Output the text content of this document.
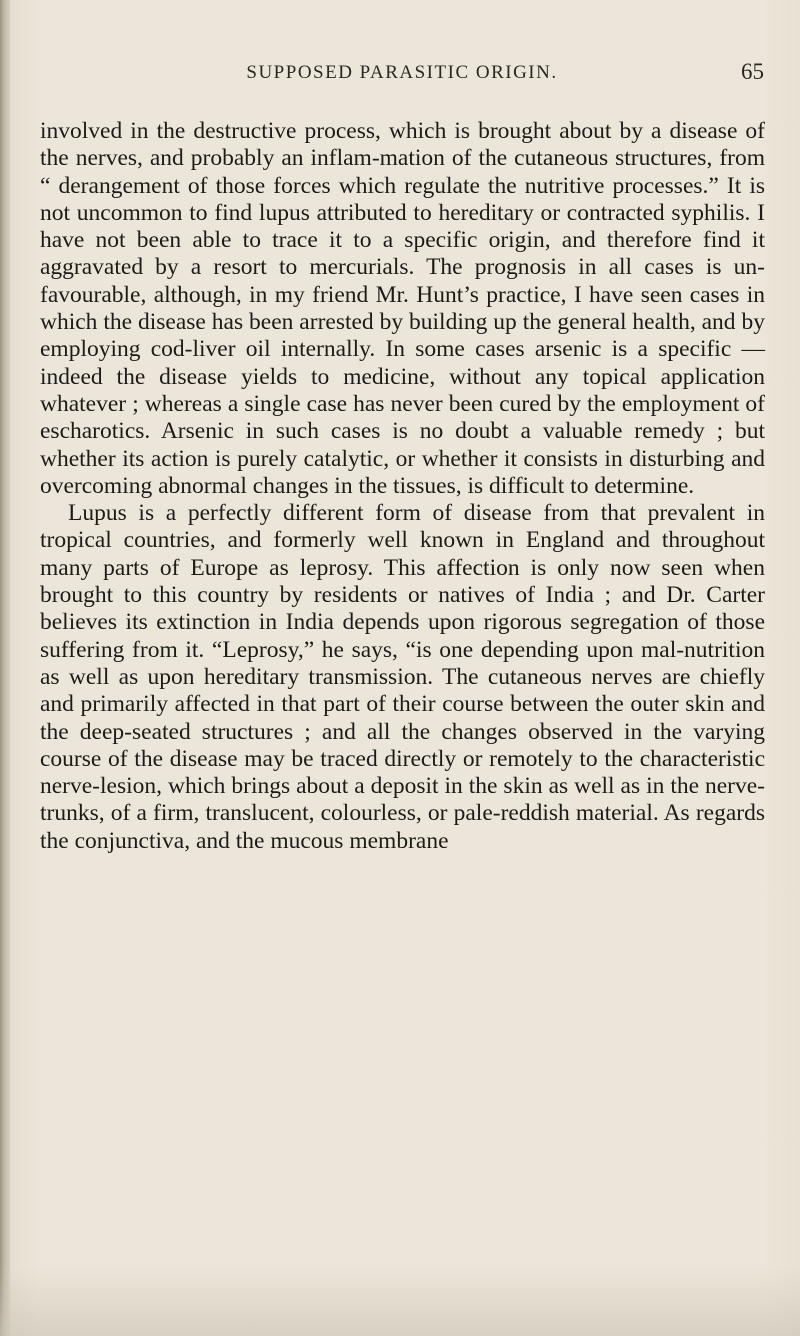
SUPPOSED PARASITIC ORIGIN.	65

involved in the destructive process, which is brought about by a disease of the nerves, and probably an inflam-mation of the cutaneous structures, from “ derangement of those forces which regulate the nutritive processes.” It is not uncommon to find lupus attributed to hereditary or contracted syphilis. I have not been able to trace it to a specific origin, and therefore find it aggravated by a resort to mercurials. The prognosis in all cases is un-favourable, although, in my friend Mr. Hunt’s practice, I have seen cases in which the disease has been arrested by building up the general health, and by employing cod-liver oil internally. In some cases arsenic is a specific —indeed the disease yields to medicine, without any topical application whatever ; whereas a single case has never been cured by the employment of escharotics. Arsenic in such cases is no doubt a valuable remedy ; but whether its action is purely catalytic, or whether it consists in disturbing and overcoming abnormal changes in the tissues, is difficult to determine.

Lupus is a perfectly different form of disease from that prevalent in tropical countries, and formerly well known in England and throughout many parts of Europe as leprosy. This affection is only now seen when brought to this country by residents or natives of India ; and Dr. Carter believes its extinction in India depends upon rigorous segregation of those suffering from it. “Leprosy,” he says, “is one depending upon mal-nutrition as well as upon hereditary transmission. The cutaneous nerves are chiefly and primarily affected in that part of their course between the outer skin and the deep-seated structures ; and all the changes observed in the varying course of the disease may be traced directly or remotely to the characteristic nerve-lesion, which brings about a deposit in the skin as well as in the nerve-trunks, of a firm, translucent, colourless, or pale-reddish material. As regards the conjunctiva, and the mucous membrane
